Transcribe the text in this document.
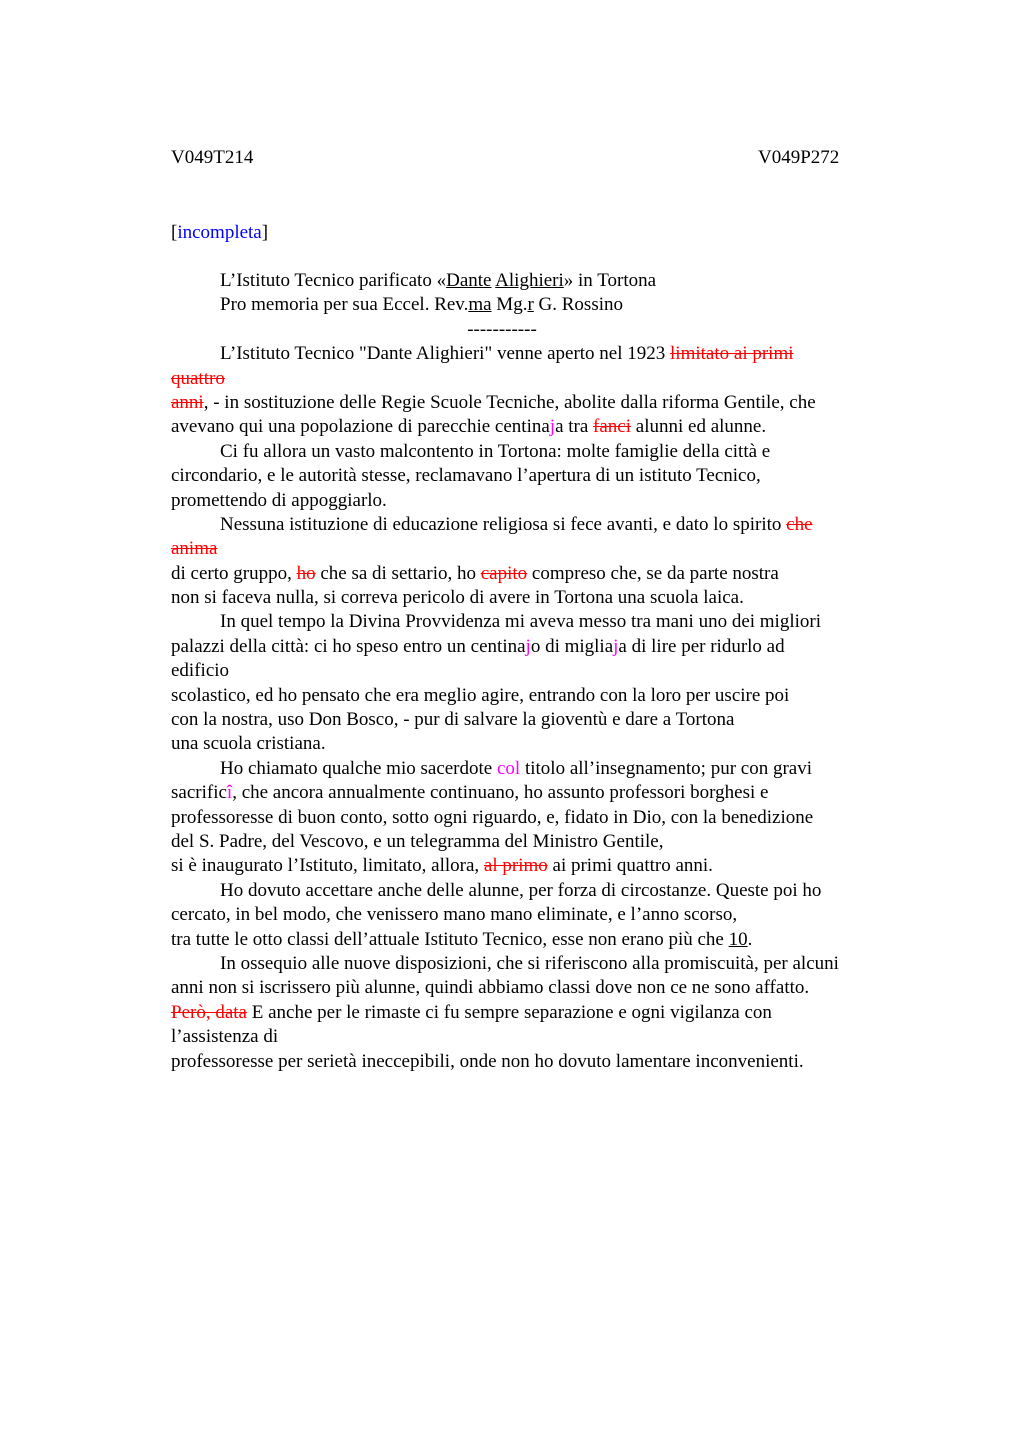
V049T214	V049P272
[incompleta]
L’Istituto Tecnico parificato «Dante Alighieri» in Tortona
Pro memoria per sua Eccel. Rev.ma Mg.r G. Rossino
-----------
L’Istituto Tecnico "Dante Alighieri" venne aperto nel 1923 limitato ai primi
quattro
anni, - in sostituzione delle Regie Scuole Tecniche, abolite dalla riforma Gentile, che
avevano qui una popolazione di parecchie centinaja tra fanci alunni ed alunne.
Ci fu allora un vasto malcontento in Tortona: molte famiglie della città e
circondario, e le autorità stesse, reclamavano l’apertura di un istituto Tecnico,
promettendo di appoggiarlo.
Nessuna istituzione di educazione religiosa si fece avanti, e dato lo spirito che
anima
di certo gruppo, ho che sa di settario, ho capito compreso che, se da parte nostra
non si faceva nulla, si correva pericolo di avere in Tortona una scuola laica.
In quel tempo la Divina Provvidenza mi aveva messo tra mani uno dei migliori
palazzi della città: ci ho speso entro un centinajo di migliaja di lire per ridurlo ad
edificio
scolastico, ed ho pensato che era meglio agire, entrando con la loro per uscire poi
con la nostra, uso Don Bosco, - pur di salvare la gioventù e dare a Tortona
una scuola cristiana.
Ho chiamato qualche mio sacerdote col titolo all’insegnamento; pur con gravi
sacrificî, che ancora annualmente continuano, ho assunto professori borghesi e
professoresse di buon conto, sotto ogni riguardo, e, fidato in Dio, con la benedizione
del S. Padre, del Vescovo, e un telegramma del Ministro Gentile,
si è inaugurato l’Istituto, limitato, allora, al primo ai primi quattro anni.
Ho dovuto accettare anche delle alunne, per forza di circostanze. Queste poi ho
cercato, in bel modo, che venissero mano mano eliminate, e l’anno scorso,
tra tutte le otto classi dell’attuale Istituto Tecnico, esse non erano più che 10.
In ossequio alle nuove disposizioni, che si riferiscono alla promiscuità, per alcuni
anni non si iscrissero più alunne, quindi abbiamo classi dove non ce ne sono affatto.
Però, data E anche per le rimaste ci fu sempre separazione e ogni vigilanza con
l’assistenza di
professoresse per serietà ineccepibili, onde non ho dovuto lamentare inconvenienti.
